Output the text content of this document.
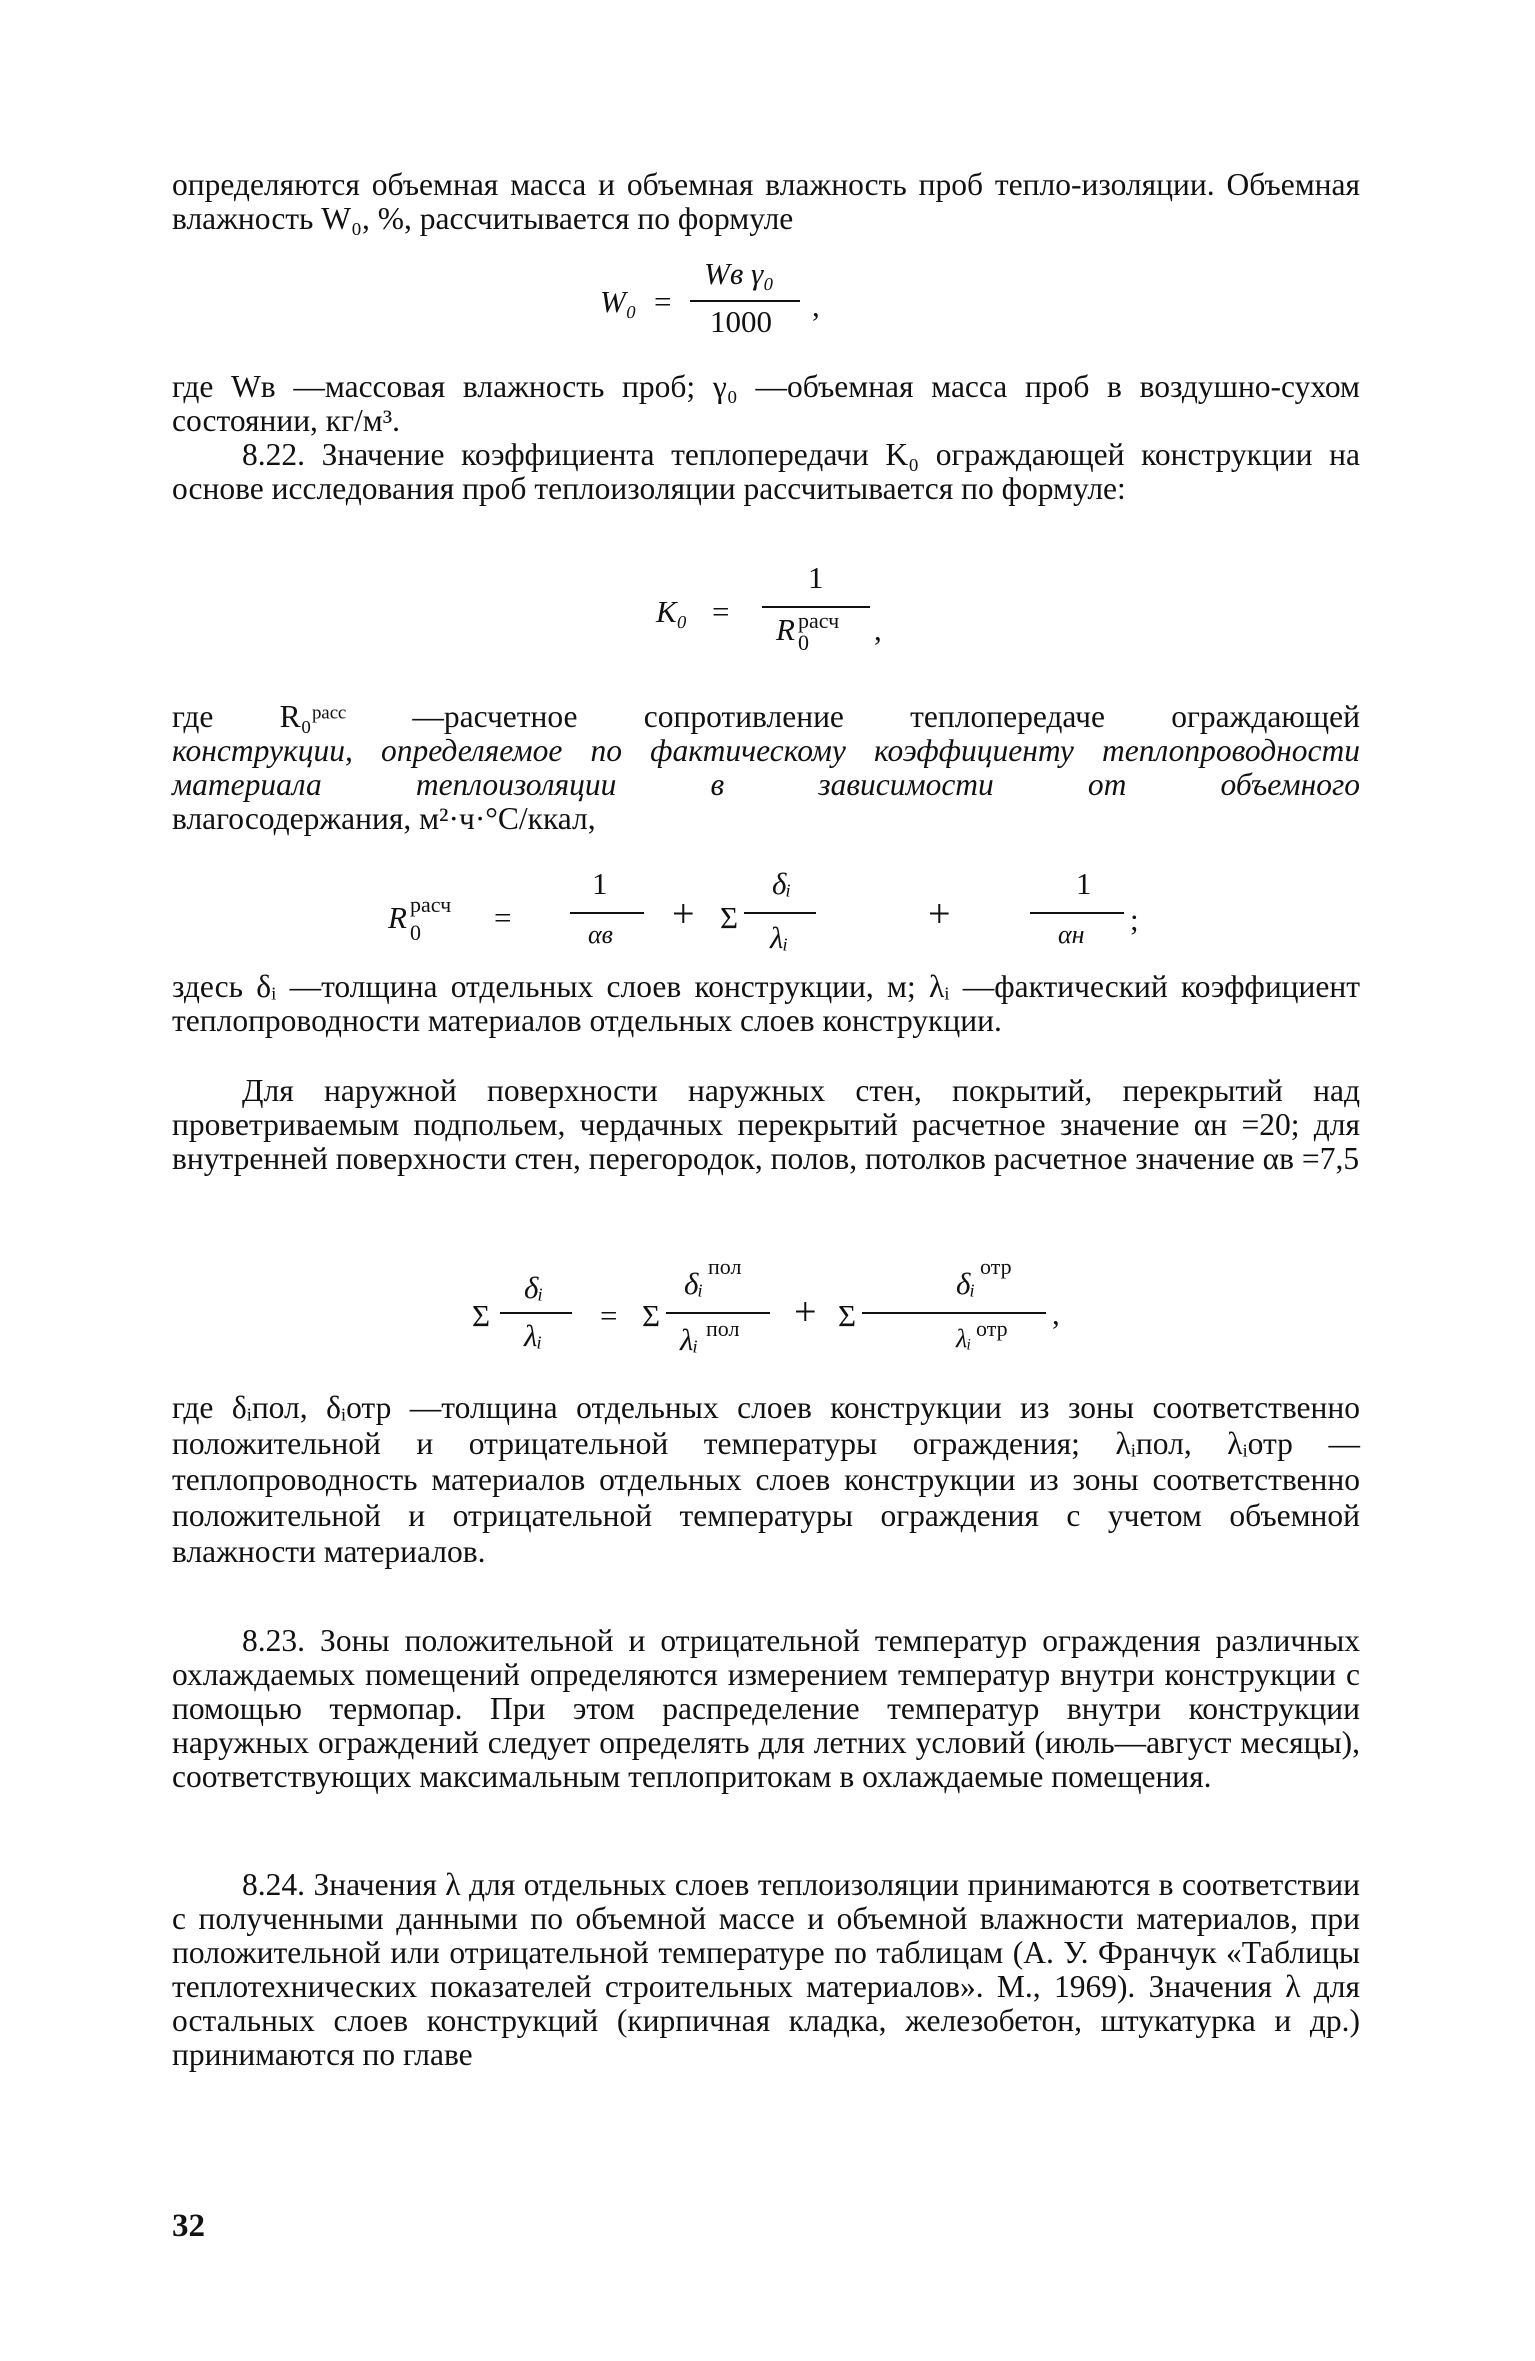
определяются объемная масса и объемная влажность проб тепло-изоляции. Объемная влажность W₀, %, рассчитывается по формуле

W₀ =
Wв γ₀
1000 ,

где Wв —массовая влажность проб; γ₀ —объемная масса проб в воздушно-сухом состоянии, кг/м³.

8.22. Значение коэффициента теплопередачи K₀ ограждающей конструкции на основе исследования проб теплоизоляции рассчитывается по формуле:

K₀ =
1
R 0
расч ,

где R₀ᵖᵃᶜᶜ —расчетное сопротивление теплопередаче ограждающей

конструкции, определяемое по фактическому коэффициенту теплопроводности материала теплоизоляции в зависимости от объемного

влагосодержания, м²·ч·°С/ккал,

R расч
0 =
1
αв + Σ
δᵢ
λᵢ
+
1
αн ;

здесь δᵢ —толщина отдельных слоев конструкции, м; λᵢ —фактический коэффициент теплопроводности материалов отдельных слоев конструкции.

Для наружной поверхности наружных стен, покрытий, перекрытий над проветриваемым подпольем, чердачных перекрытий расчетное значение αн =20; для внутренней поверхности стен, перегородок, полов, потолков расчетное значение αв =7,5

Σ
δᵢ
λᵢ
= Σ
δᵢ пол
λᵢ пол + Σ
δᵢ отр
λᵢ отр ,

где δᵢпол, δᵢотр —толщина отдельных слоев конструкции из зоны соответственно положительной и отрицательной температуры ограждения; λᵢпол, λᵢотр —теплопроводность материалов отдельных слоев конструкции из зоны соответственно положительной и отрицательной температуры ограждения с учетом объемной влажности материалов.

8.23. Зоны положительной и отрицательной температур ограждения различных охлаждаемых помещений определяются измерением температур внутри конструкции с помощью термопар. При этом распределение температур внутри конструкции наружных ограждений следует определять для летних условий (июль—август месяцы), соответствующих максимальным теплопритокам в охлаждаемые помещения.

8.24. Значения λ для отдельных слоев теплоизоляции принимаются в соответствии с полученными данными по объемной массе и объемной влажности материалов, при положительной или отрицательной температуре по таблицам (А. У. Франчук «Таблицы теплотехнических показателей строительных материалов». М., 1969). Значения λ для остальных слоев конструкций (кирпичная кладка, железобетон, штукатурка и др.) принимаются по главе

32
